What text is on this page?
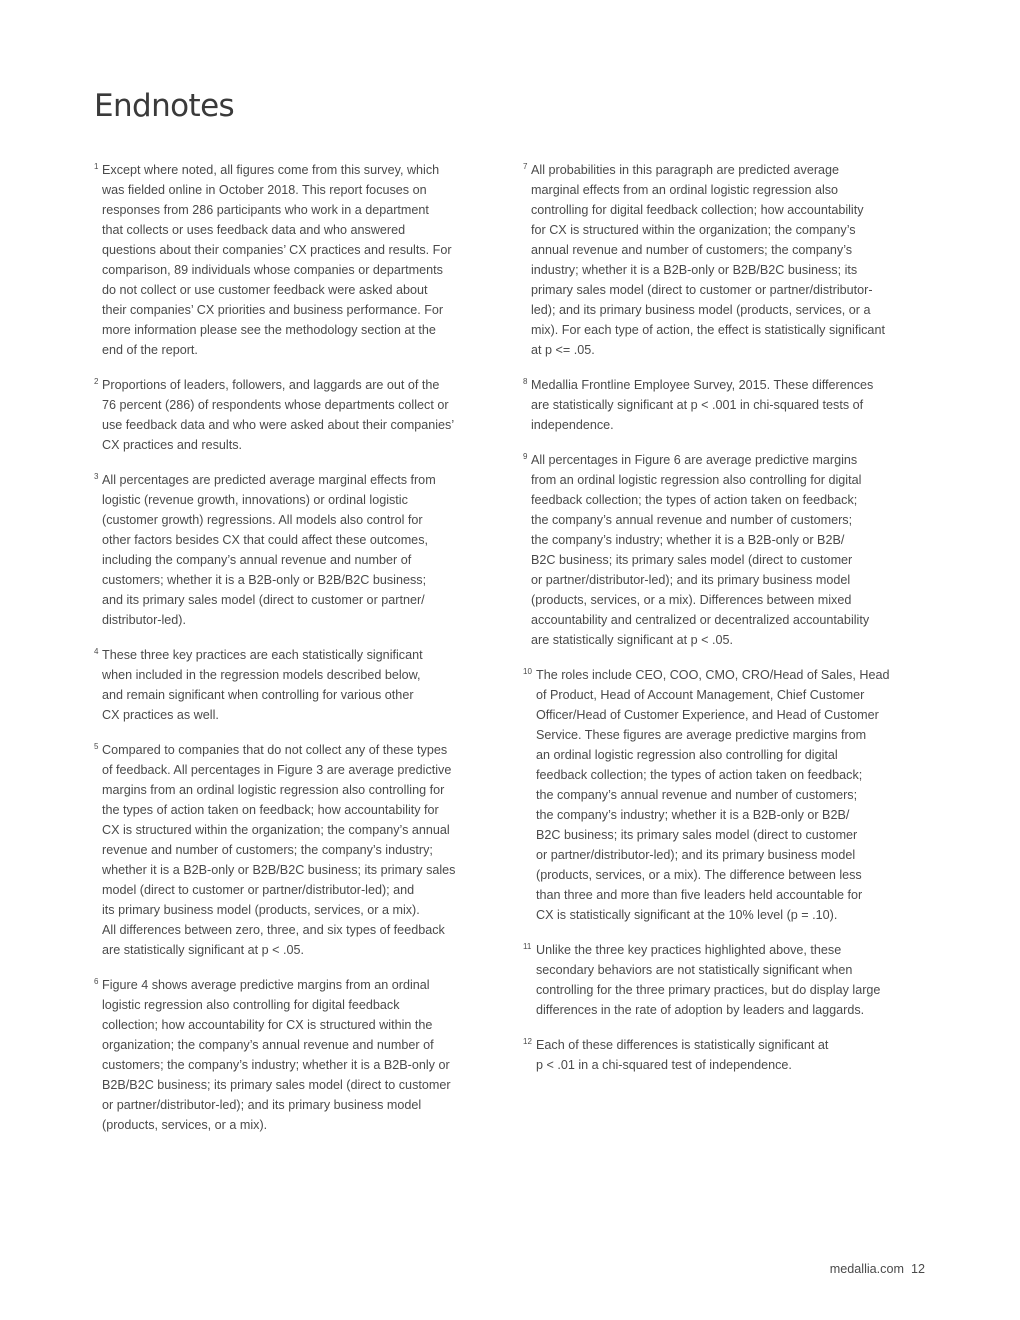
Endnotes
1 Except where noted, all figures come from this survey, which
was fielded online in October 2018. This report focuses on
responses from 286 participants who work in a department
that collects or uses feedback data and who answered
questions about their companies’ CX practices and results. For
comparison, 89 individuals whose companies or departments
do not collect or use customer feedback were asked about
their companies’ CX priorities and business performance. For
more information please see the methodology section at the
end of the report.
2 Proportions of leaders, followers, and laggards are out of the
76 percent (286) of respondents whose departments collect or
use feedback data and who were asked about their companies’
CX practices and results.
3 All percentages are predicted average marginal effects from
logistic (revenue growth, innovations) or ordinal logistic
(customer growth) regressions. All models also control for
other factors besides CX that could affect these outcomes,
including the company’s annual revenue and number of
customers; whether it is a B2B-only or B2B/B2C business;
and its primary sales model (direct to customer or partner/
distributor-led).
4 These three key practices are each statistically significant
when included in the regression models described below,
and remain significant when controlling for various other
CX practices as well.
5 Compared to companies that do not collect any of these types
of feedback. All percentages in Figure 3 are average predictive
margins from an ordinal logistic regression also controlling for
the types of action taken on feedback; how accountability for
CX is structured within the organization; the company’s annual
revenue and number of customers; the company’s industry;
whether it is a B2B-only or B2B/B2C business; its primary sales
model (direct to customer or partner/distributor-led); and
its primary business model (products, services, or a mix).
All differences between zero, three, and six types of feedback
are statistically significant at p < .05.
6 Figure 4 shows average predictive margins from an ordinal
logistic regression also controlling for digital feedback
collection; how accountability for CX is structured within the
organization; the company’s annual revenue and number of
customers; the company’s industry; whether it is a B2B-only or
B2B/B2C business; its primary sales model (direct to customer
or partner/distributor-led); and its primary business model
(products, services, or a mix).
7 All probabilities in this paragraph are predicted average
marginal effects from an ordinal logistic regression also
controlling for digital feedback collection; how accountability
for CX is structured within the organization; the company’s
annual revenue and number of customers; the company’s
industry; whether it is a B2B-only or B2B/B2C business; its
primary sales model (direct to customer or partner/distributor-
led); and its primary business model (products, services, or a
mix). For each type of action, the effect is statistically significant
at p <= .05.
8 Medallia Frontline Employee Survey, 2015. These differences
are statistically significant at p < .001 in chi-squared tests of
independence.
9 All percentages in Figure 6 are average predictive margins
from an ordinal logistic regression also controlling for digital
feedback collection; the types of action taken on feedback;
the company’s annual revenue and number of customers;
the company’s industry; whether it is a B2B-only or B2B/
B2C business; its primary sales model (direct to customer
or partner/distributor-led); and its primary business model
(products, services, or a mix). Differences between mixed
accountability and centralized or decentralized accountability
are statistically significant at p < .05.
10 The roles include CEO, COO, CMO, CRO/Head of Sales, Head
of Product, Head of Account Management, Chief Customer
Officer/Head of Customer Experience, and Head of Customer
Service. These figures are average predictive margins from
an ordinal logistic regression also controlling for digital
feedback collection; the types of action taken on feedback;
the company’s annual revenue and number of customers;
the company’s industry; whether it is a B2B-only or B2B/
B2C business; its primary sales model (direct to customer
or partner/distributor-led); and its primary business model
(products, services, or a mix). The difference between less
than three and more than five leaders held accountable for
CX is statistically significant at the 10% level (p = .10).
11 Unlike the three key practices highlighted above, these
secondary behaviors are not statistically significant when
controlling for the three primary practices, but do display large
differences in the rate of adoption by leaders and laggards.
12 Each of these differences is statistically significant at
p < .01 in a chi-squared test of independence.
medallia.com 12
